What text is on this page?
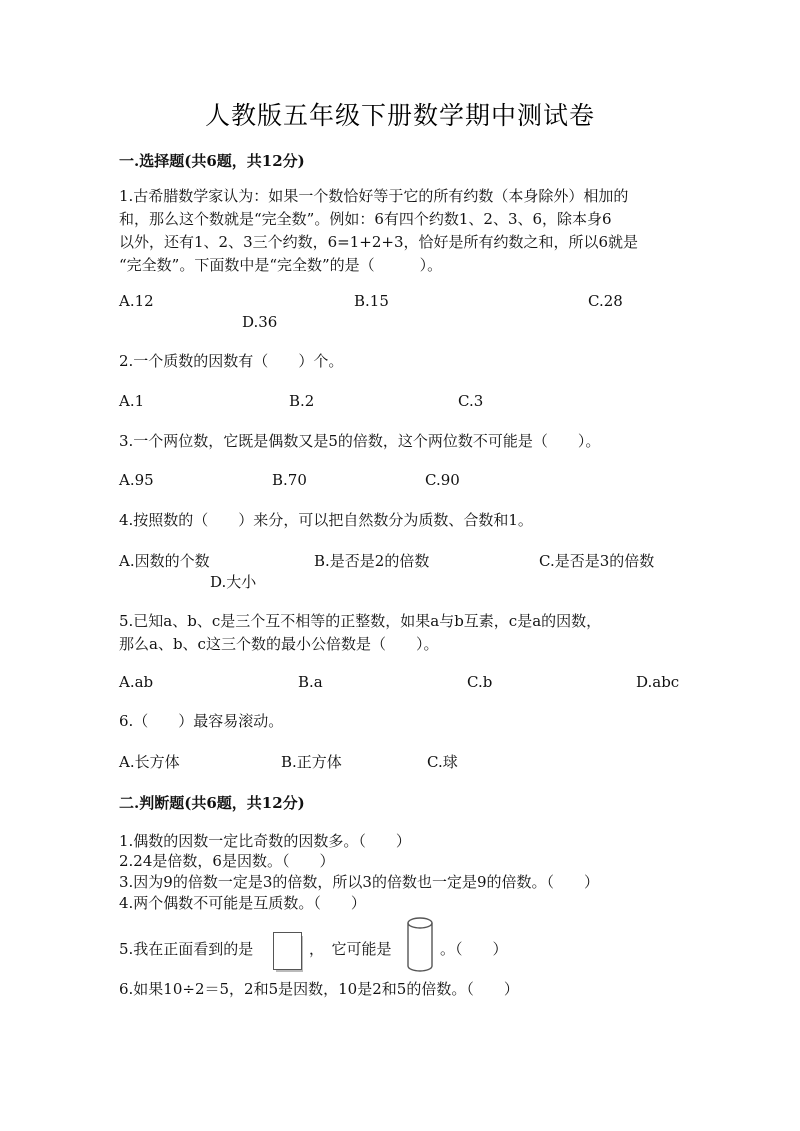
人教版五年级下册数学期中测试卷
一.选择题(共6题，共12分)
1.古希腊数学家认为：如果一个数恰好等于它的所有约数（本身除外）相加的
和，那么这个数就是“完全数”。例如：6有四个约数1、2、3、6，除本身6
以外，还有1、2、3三个约数，6=1+2+3，恰好是所有约数之和，所以6就是
“完全数”。下面数中是“完全数”的是（　　　）。
A.12	B.15	C.28
D.36
2.一个质数的因数有（　　）个。
A.1	B.2	C.3
3.一个两位数，它既是偶数又是5的倍数，这个两位数不可能是（　　）。
A.95	B.70	C.90
4.按照数的（　　）来分，可以把自然数分为质数、合数和1。
A.因数的个数	B.是否是2的倍数	C.是否是3的倍数
D.大小
5.已知a、b、c是三个互不相等的正整数，如果a与b互素，c是a的因数，
那么a、b、c这三个数的最小公倍数是（　　）。
A.ab	B.a	C.b	D.abc
6.（　　）最容易滚动。
A.长方体	B.正方体	C.球
二.判断题(共6题，共12分)
1.偶数的因数一定比奇数的因数多。（　　）
2.24是倍数，6是因数。（　　）
3.因为9的倍数一定是3的倍数，所以3的倍数也一定是9的倍数。（　　）
4.两个偶数不可能是互质数。（　　）
5.我在正面看到的是	，　它可能是	。（　　）
6.如果10÷2＝5，2和5是因数，10是2和5的倍数。（　　）
